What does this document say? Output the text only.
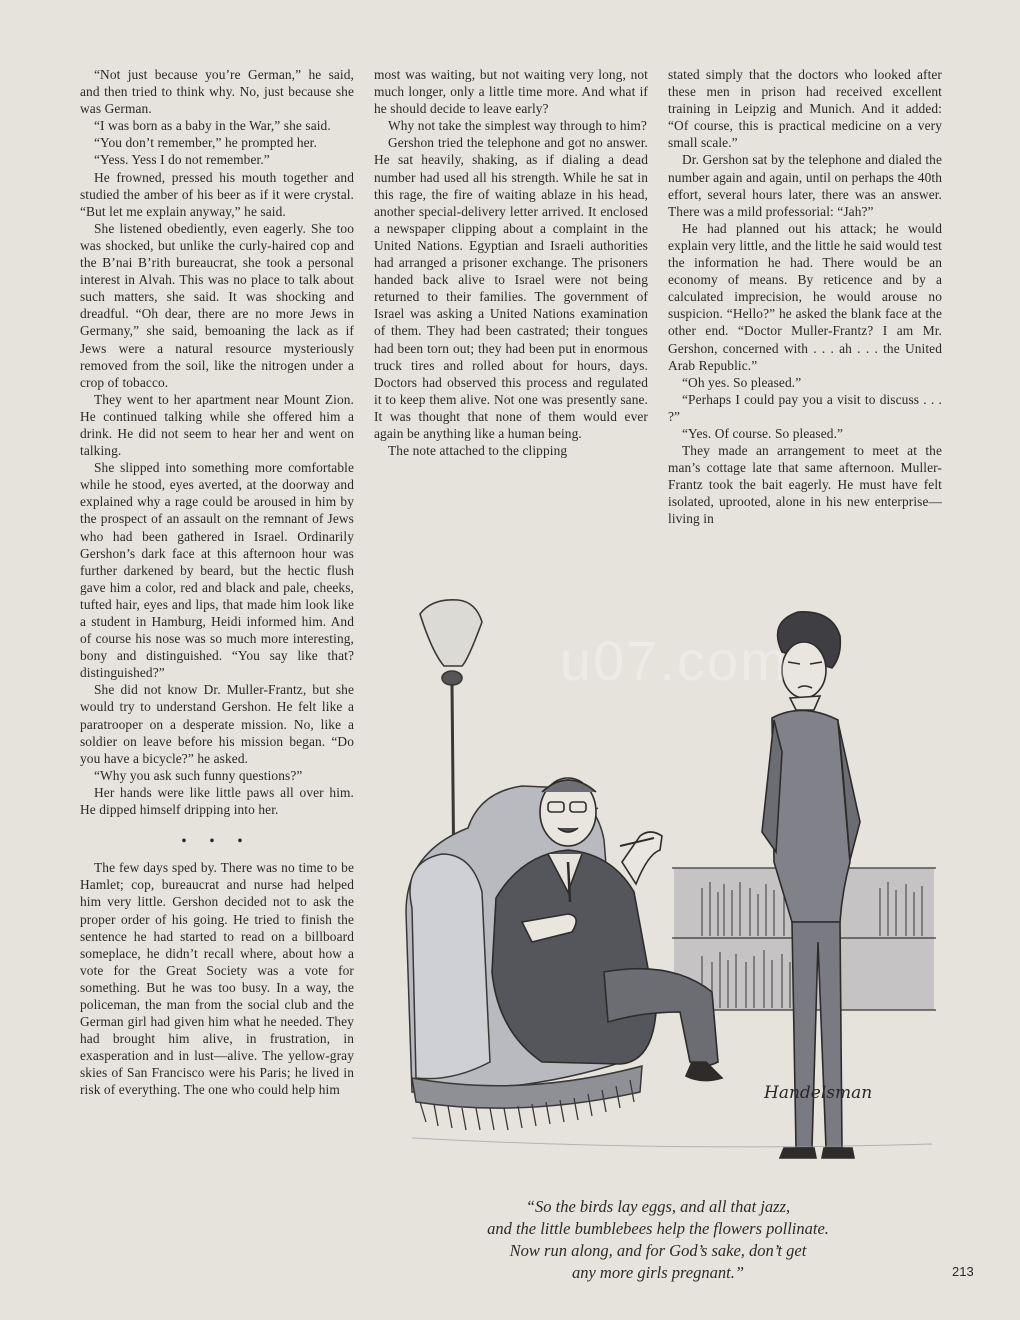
“Not just because you’re German,” he said, and then tried to think why. No, just because she was German.

“I was born as a baby in the War,” she said.

“You don’t remember,” he prompted her.

“Yess. Yess I do not remember.”

He frowned, pressed his mouth together and studied the amber of his beer as if it were crystal. “But let me explain anyway,” he said.

She listened obediently, even eagerly. She too was shocked, but unlike the curly-haired cop and the B’nai B’rith bureaucrat, she took a personal interest in Alvah. This was no place to talk about such matters, she said. It was shocking and dreadful. “Oh dear, there are no more Jews in Germany,” she said, bemoaning the lack as if Jews were a natural resource mysteriously removed from the soil, like the nitrogen under a crop of tobacco.

They went to her apartment near Mount Zion. He continued talking while she offered him a drink. He did not seem to hear her and went on talking.

She slipped into something more comfortable while he stood, eyes averted, at the doorway and explained why a rage could be aroused in him by the prospect of an assault on the remnant of Jews who had been gathered in Israel. Ordinarily Gershon’s dark face at this afternoon hour was further darkened by beard, but the hectic flush gave him a color, red and black and pale, cheeks, tufted hair, eyes and lips, that made him look like a student in Hamburg, Heidi informed him. And of course his nose was so much more interesting, bony and distinguished. “You say like that? distinguished?”

She did not know Dr. Muller-Frantz, but she would try to understand Gershon. He felt like a paratrooper on a desperate mission. No, like a soldier on leave before his mission began. “Do you have a bicycle?” he asked.

“Why you ask such funny questions?”

Her hands were like little paws all over him. He dipped himself dripping into her.

• • •

The few days sped by. There was no time to be Hamlet; cop, bureaucrat and nurse had helped him very little. Gershon decided not to ask the proper order of his going. He tried to finish the sentence he had started to read on a billboard someplace, he didn’t recall where, about how a vote for the Great Society was a vote for something. But he was too busy. In a way, the policeman, the man from the social club and the German girl had given him what he needed. They had brought him alive, in frustration, in exasperation and in lust—alive. The yellow-gray skies of San Francisco were his Paris; he lived in risk of everything. The one who could help him

most was waiting, but not waiting very long, not much longer, only a little time more. And what if he should decide to leave early?

Why not take the simplest way through to him?

Gershon tried the telephone and got no answer. He sat heavily, shaking, as if dialing a dead number had used all his strength. While he sat in this rage, the fire of waiting ablaze in his head, another special-delivery letter arrived. It enclosed a newspaper clipping about a complaint in the United Nations. Egyptian and Israeli authorities had arranged a prisoner exchange. The prisoners handed back alive to Israel were not being returned to their families. The government of Israel was asking a United Nations examination of them. They had been castrated; their tongues had been torn out; they had been put in enormous truck tires and rolled about for hours, days. Doctors had observed this process and regulated it to keep them alive. Not one was presently sane. It was thought that none of them would ever again be anything like a human being.

The note attached to the clipping

stated simply that the doctors who looked after these men in prison had received excellent training in Leipzig and Munich. And it added: “Of course, this is practical medicine on a very small scale.”

Dr. Gershon sat by the telephone and dialed the number again and again, until on perhaps the 40th effort, several hours later, there was an answer. There was a mild professorial: “Jah?”

He had planned out his attack; he would explain very little, and the little he said would test the information he had. There would be an economy of means. By reticence and by a calculated imprecision, he would arouse no suspicion. “Hello?” he asked the blank face at the other end. “Doctor Muller-Frantz? I am Mr. Gershon, concerned with . . . ah . . . the United Arab Republic.”

“Oh yes. So pleased.”

“Perhaps I could pay you a visit to discuss . . . ?”

“Yes. Of course. So pleased.”

They made an arrangement to meet at the man’s cottage late that same afternoon. Muller-Frantz took the bait eagerly. He must have felt isolated, uprooted, alone in his new enterprise—living in

Handelsman
u07.com
“So the birds lay eggs, and all that jazz,
and the little bumblebees help the flowers pollinate.
Now run along, and for God’s sake, don’t get
any more girls pregnant.”	213
